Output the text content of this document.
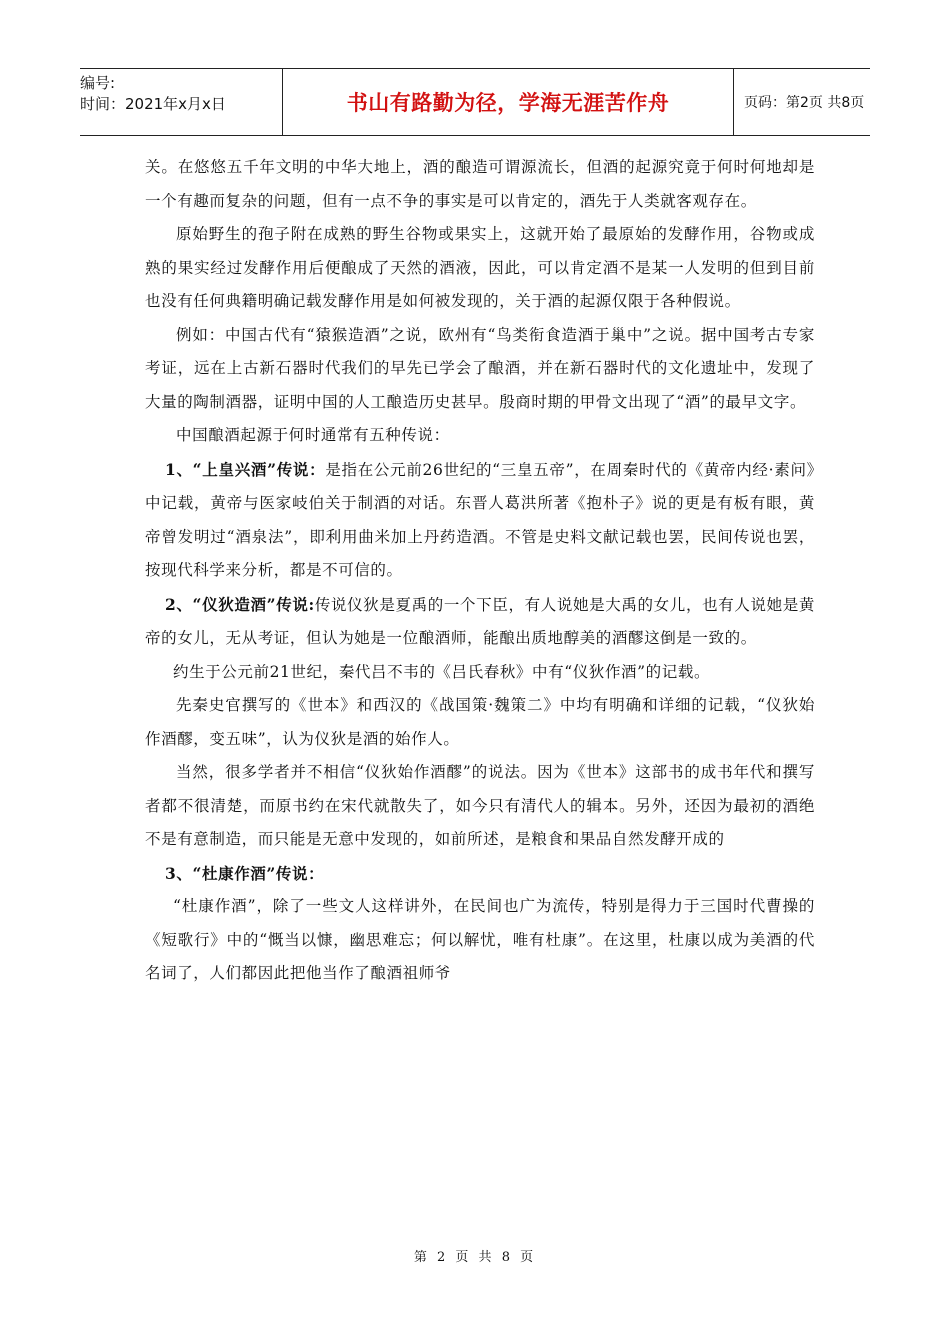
编号:
时间：2021年x月x日	书山有路勤为径，学海无涯苦作舟	页码：第2页 共8页

关。在悠悠五千年文明的中华大地上，酒的酿造可谓源流长，但酒的起源究竟于何时何地却是一个有趣而复杂的问题，但有一点不争的事实是可以肯定的，酒先于人类就客观存在。

原始野生的孢子附在成熟的野生谷物或果实上，这就开始了最原始的发酵作用，谷物或成熟的果实经过发酵作用后便酿成了天然的酒液，因此，可以肯定酒不是某一人发明的但到目前也没有任何典籍明确记载发酵作用是如何被发现的，关于酒的起源仅限于各种假说。

例如：中国古代有“猿猴造酒”之说，欧州有“鸟类衔食造酒于巢中”之说。据中国考古专家考证，远在上古新石器时代我们的早先已学会了酿酒，并在新石器时代的文化遗址中，发现了大量的陶制酒器，证明中国的人工酿造历史甚早。殷商时期的甲骨文出现了“酒”的最早文字。

中国酿酒起源于何时通常有五种传说：

1、“上皇兴酒”传说：是指在公元前26世纪的“三皇五帝”，在周秦时代的《黄帝内经·素问》中记载，黄帝与医家岐伯关于制酒的对话。东晋人葛洪所著《抱朴子》说的更是有板有眼，黄帝曾发明过“酒泉法”，即利用曲米加上丹药造酒。不管是史料文献记载也罢，民间传说也罢，按现代科学来分析，都是不可信的。

2、“仪狄造酒”传说:传说仪狄是夏禹的一个下臣，有人说她是大禹的女儿，也有人说她是黄帝的女儿，无从考证，但认为她是一位酿酒师，能酿出质地醇美的酒醪这倒是一致的。

约生于公元前21世纪，秦代吕不韦的《吕氏春秋》中有“仪狄作酒”的记载。

先秦史官撰写的《世本》和西汉的《战国策·魏策二》中均有明确和详细的记载，“仪狄始作酒醪，变五味”，认为仪狄是酒的始作人。

当然，很多学者并不相信“仪狄始作酒醪”的说法。因为《世本》这部书的成书年代和撰写者都不很清楚，而原书约在宋代就散失了，如今只有清代人的辑本。另外，还因为最初的酒绝不是有意制造，而只能是无意中发现的，如前所述，是粮食和果品自然发酵开成的

3、“杜康作酒”传说：

“杜康作酒”，除了一些文人这样讲外，在民间也广为流传，特别是得力于三国时代曹操的《短歌行》中的“慨当以慷，幽思难忘；何以解忧，唯有杜康”。在这里，杜康以成为美酒的代名词了，人们都因此把他当作了酿酒祖师爷

第 2 页 共 8 页
